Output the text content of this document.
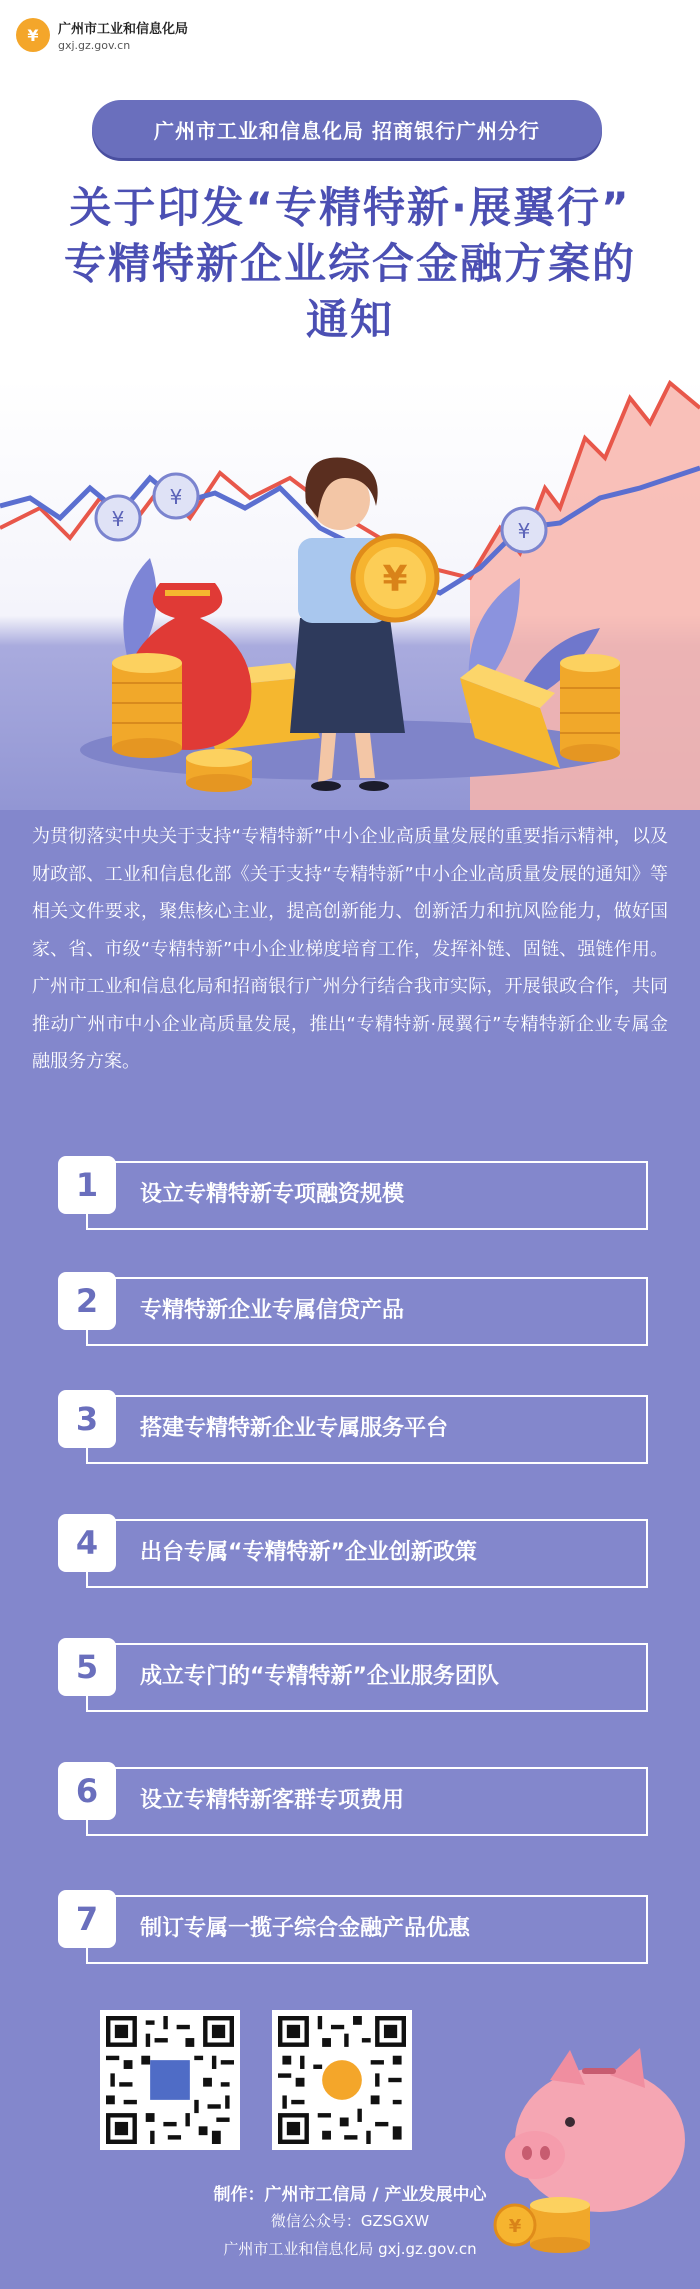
¥	广州市工业和信息化局
gxj.gz.gov.cn
广州市工业和信息化局 招商银行广州分行
关于印发“专精特新·展翼行”
专精特新企业综合金融方案的
通知
¥
¥
¥
¥
为贯彻落实中央关于支持“专精特新”中小企业高质量发展的重要指示精神，以及财政部、工业和信息化部《关于支持“专精特新”中小企业高质量发展的通知》等相关文件要求，聚焦核心主业，提高创新能力、创新活力和抗风险能力，做好国家、省、市级“专精特新”中小企业梯度培育工作，发挥补链、固链、强链作用。广州市工业和信息化局和招商银行广州分行结合我市实际，开展银政合作，共同推动广州市中小企业高质量发展，推出“专精特新·展翼行”专精特新企业专属金融服务方案。
1	设立专精特新专项融资规模
2	专精特新企业专属信贷产品
3	搭建专精特新企业专属服务平台
4	出台专属“专精特新”企业创新政策
5	成立专门的“专精特新”企业服务团队
6	设立专精特新客群专项费用
7	制订专属一揽子综合金融产品优惠
¥
制作：广州市工信局 / 产业发展中心
微信公众号：GZSGXW
广州市工业和信息化局 gxj.gz.gov.cn
